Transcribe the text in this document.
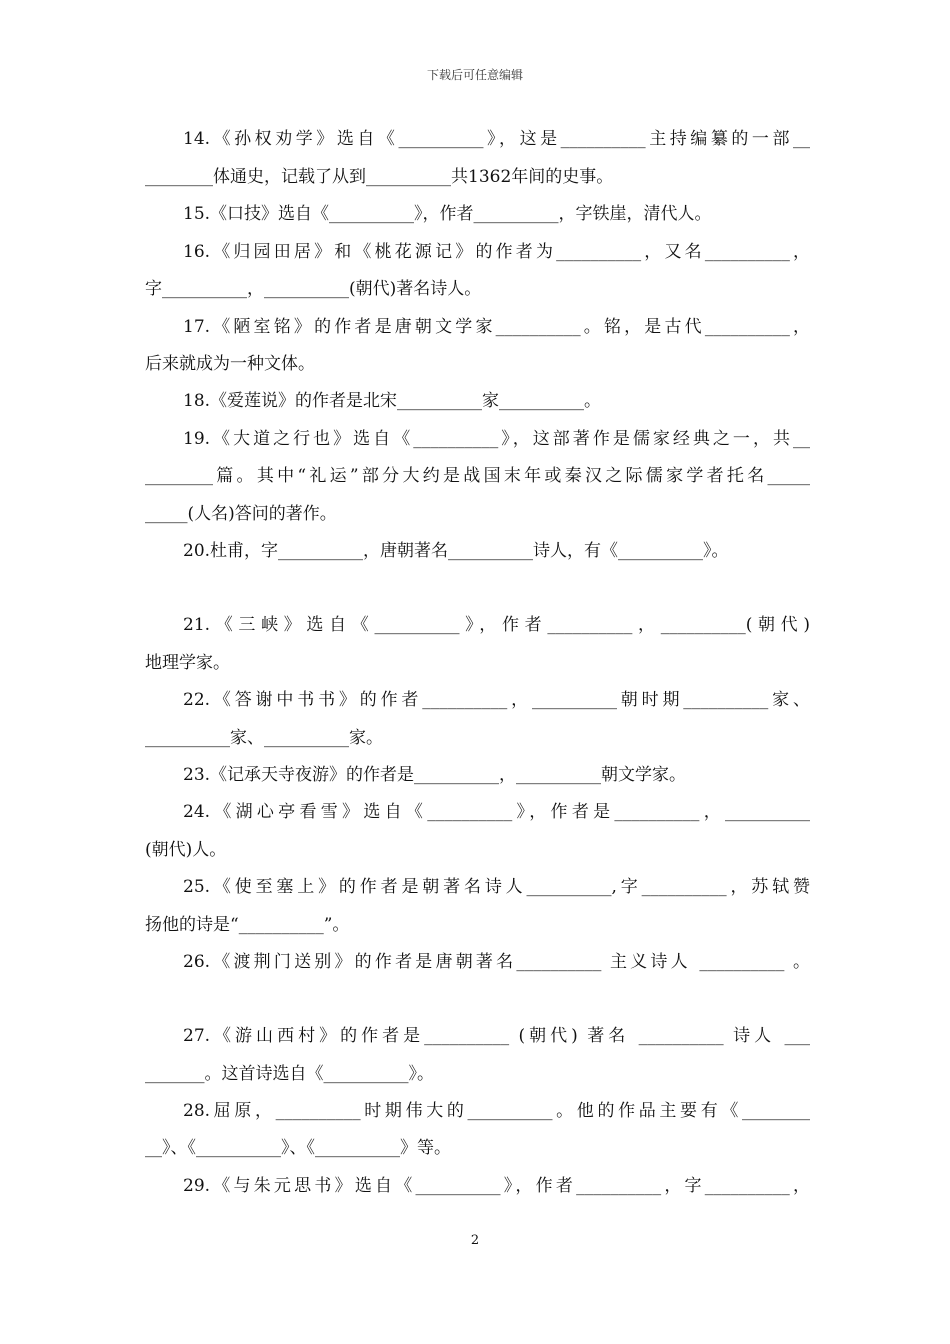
下载后可任意编辑
14.《孙权劝学》选自《__________》，这是__________主持编纂的一部__
________体通史，记载了从到__________共1362年间的史事。
15.《口技》选自《__________》，作者__________，字铁崖，清代人。
16.《归园田居》和《桃花源记》的作者为__________，又名__________，
字__________，__________(朝代)著名诗人。
17.《陋室铭》的作者是唐朝文学家__________。铭，是古代__________，
后来就成为一种文体。
18.《爱莲说》的作者是北宋__________家__________。
19.《大道之行也》选自《__________》，这部著作是儒家经典之一，共__
________篇。其中“礼运”部分大约是战国末年或秦汉之际儒家学者托名_____
_____(人名)答问的著作。
20.杜甫，字__________，唐朝著名__________诗人，有《__________》。
21.《三峡》选自《__________》，作者__________，__________(朝代)
地理学家。
22.《答谢中书书》的作者__________，__________朝时期__________家、
__________家、__________家。
23.《记承天寺夜游》的作者是__________，__________朝文学家。
24.《湖心亭看雪》选自《__________》，作者是__________，__________
(朝代)人。
25.《使至塞上》的作者是朝著名诗人__________,字__________，苏轼赞
扬他的诗是“__________”。
26.《渡荆门送别》的作者是唐朝著名__________ 主义诗人 __________ 。
27.《游山西村》的作者是__________ (朝代) 著名 __________ 诗人 ___
_______。这首诗选自《__________》。
28.屈原，__________时期伟大的__________。他的作品主要有《________
__》、《__________》、《__________》等。
29.《与朱元思书》选自《__________》，作者__________，字__________，
2
